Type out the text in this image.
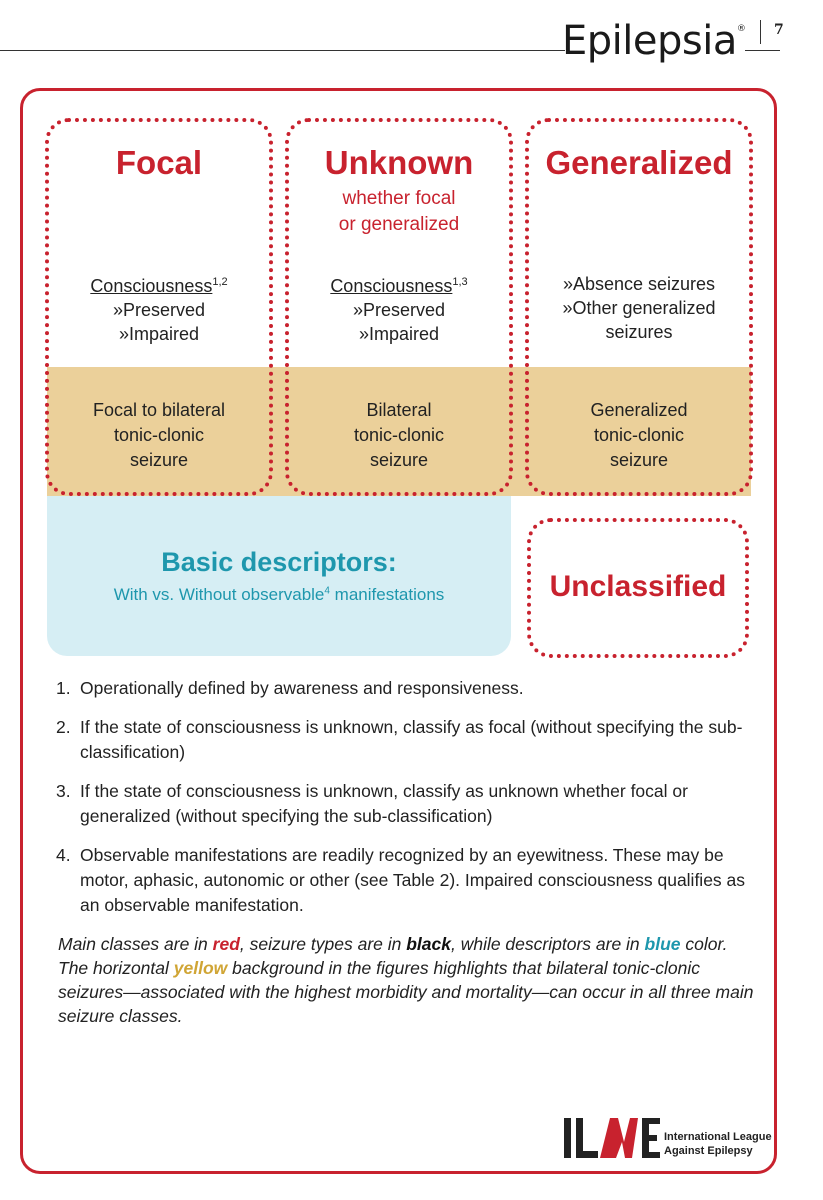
Epilepsia® 7
Focal
Consciousness$^{1,2}$
»Preserved
»Impaired
Focal to bilateral
tonic-clonic
seizure
Unknown
whether focal
or generalized
Consciousness$^{1,3}$
»Preserved
»Impaired
Bilateral
tonic-clonic
seizure
Generalized
»Absence seizures
»Other generalized
seizures
Generalized
tonic-clonic
seizure
Basic descriptors:
With vs. Without observable$^4$ manifestations	Unclassified
1. Operationally defined by awareness and responsiveness.
2. If the state of consciousness is unknown, classify as focal (without specifying the sub-classification)
3. If the state of consciousness is unknown, classify as unknown whether focal or generalized (without specifying the sub-classification)
4. Observable manifestations are readily recognized by an eyewitness. These may be motor, aphasic, autonomic or other (see Table 2). Impaired consciousness qualifies as an observable manifestation.
Main classes are in red, seizure types are in black, while descriptors are in blue color. The horizontal yellow background in the figures highlights that bilateral tonic-clonic seizures—associated with the highest morbidity and mortality—can occur in all three main seizure classes.
International League
Against Epilepsy
